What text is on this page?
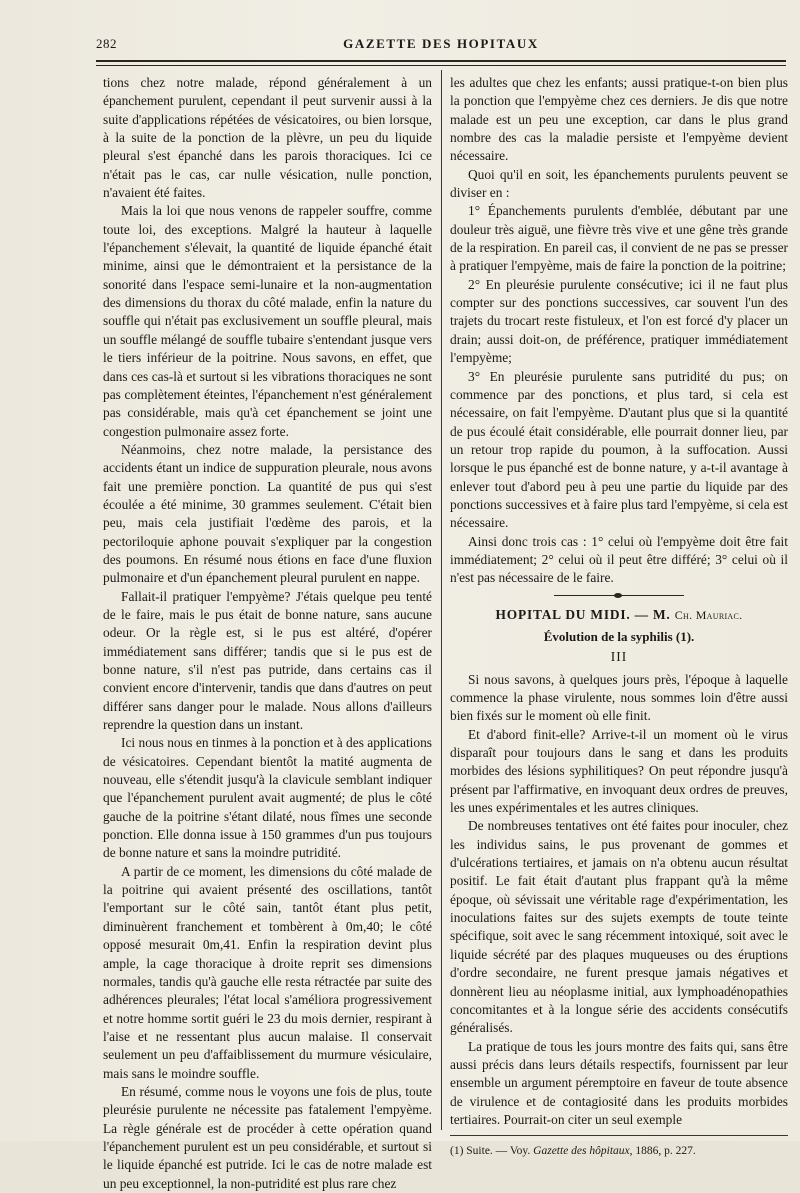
282	GAZETTE DES HOPITAUX

tions chez notre malade, répond généralement à un épanchement purulent, cependant il peut survenir aussi à la suite d'applications répétées de vésicatoires, ou bien lorsque, à la suite de la ponction de la plèvre, un peu du liquide pleural s'est épanché dans les parois thoraciques. Ici ce n'était pas le cas, car nulle vésication, nulle ponction, n'avaient été faites.

Mais la loi que nous venons de rappeler souffre, comme toute loi, des exceptions. Malgré la hauteur à laquelle l'épanchement s'élevait, la quantité de liquide épanché était minime, ainsi que le démontraient et la persistance de la sonorité dans l'espace semi-lunaire et la non-augmentation des dimensions du thorax du côté malade, enfin la nature du souffle qui n'était pas exclusivement un souffle pleural, mais un souffle mélangé de souffle tubaire s'entendant jusque vers le tiers inférieur de la poitrine. Nous savons, en effet, que dans ces cas-là et surtout si les vibrations thoraciques ne sont pas complètement éteintes, l'épanchement n'est généralement pas considérable, mais qu'à cet épanchement se joint une congestion pulmonaire assez forte.

Néanmoins, chez notre malade, la persistance des accidents étant un indice de suppuration pleurale, nous avons fait une première ponction. La quantité de pus qui s'est écoulée a été minime, 30 grammes seulement. C'était bien peu, mais cela justifiait l'œdème des parois, et la pectoriloquie aphone pouvait s'expliquer par la congestion des poumons. En résumé nous étions en face d'une fluxion pulmonaire et d'un épanchement pleural purulent en nappe.

Fallait-il pratiquer l'empyème? J'étais quelque peu tenté de le faire, mais le pus était de bonne nature, sans aucune odeur. Or la règle est, si le pus est altéré, d'opérer immédiatement sans différer; tandis que si le pus est de bonne nature, s'il n'est pas putride, dans certains cas il convient encore d'intervenir, tandis que dans d'autres on peut différer sans danger pour le malade. Nous allons d'ailleurs reprendre la question dans un instant.

Ici nous nous en tinmes à la ponction et à des applications de vésicatoires. Cependant bientôt la matité augmenta de nouveau, elle s'étendit jusqu'à la clavicule semblant indiquer que l'épanchement purulent avait augmenté; de plus le côté gauche de la poitrine s'étant dilaté, nous fîmes une seconde ponction. Elle donna issue à 150 grammes d'un pus toujours de bonne nature et sans la moindre putridité.

A partir de ce moment, les dimensions du côté malade de la poitrine qui avaient présenté des oscillations, tantôt l'emportant sur le côté sain, tantôt étant plus petit, diminuèrent franchement et tombèrent à 0m,40; le côté opposé mesurait 0m,41. Enfin la respiration devint plus ample, la cage thoracique à droite reprit ses dimensions normales, tandis qu'à gauche elle resta rétractée par suite des adhérences pleurales; l'état local s'améliora progressivement et notre homme sortit guéri le 23 du mois dernier, respirant à l'aise et ne ressentant plus aucun malaise. Il conservait seulement un peu d'affaiblissement du murmure vésiculaire, mais sans le moindre souffle.

En résumé, comme nous le voyons une fois de plus, toute pleurésie purulente ne nécessite pas fatalement l'empyème. La règle générale est de procéder à cette opération quand l'épanchement purulent est un peu considérable, et surtout si le liquide épanché est putride. Ici le cas de notre malade est un peu exceptionnel, la non-putridité est plus rare chez

les adultes que chez les enfants; aussi pratique-t-on bien plus la ponction que l'empyème chez ces derniers. Je dis que notre malade est un peu une exception, car dans le plus grand nombre des cas la maladie persiste et l'empyème devient nécessaire.

Quoi qu'il en soit, les épanchements purulents peuvent se diviser en :

1° Épanchements purulents d'emblée, débutant par une douleur très aiguë, une fièvre très vive et une gêne très grande de la respiration. En pareil cas, il convient de ne pas se presser à pratiquer l'empyème, mais de faire la ponction de la poitrine;

2° En pleurésie purulente consécutive; ici il ne faut plus compter sur des ponctions successives, car souvent l'un des trajets du trocart reste fistuleux, et l'on est forcé d'y placer un drain; aussi doit-on, de préférence, pratiquer immédiatement l'empyème;

3° En pleurésie purulente sans putridité du pus; on commence par des ponctions, et plus tard, si cela est nécessaire, on fait l'empyème. D'autant plus que si la quantité de pus écoulé était considérable, elle pourrait donner lieu, par un retour trop rapide du poumon, à la suffocation. Aussi lorsque le pus épanché est de bonne nature, y a-t-il avantage à enlever tout d'abord peu à peu une partie du liquide par des ponctions successives et à faire plus tard l'empyème, si cela est nécessaire.

Ainsi donc trois cas : 1° celui où l'empyème doit être fait immédiatement; 2° celui où il peut être différé; 3° celui où il n'est pas nécessaire de le faire.

HOPITAL DU MIDI. — M. Ch. Mauriac.
Évolution de la syphilis (1).
III

Si nous savons, à quelques jours près, l'époque à laquelle commence la phase virulente, nous sommes loin d'être aussi bien fixés sur le moment où elle finit.

Et d'abord finit-elle? Arrive-t-il un moment où le virus disparaît pour toujours dans le sang et dans les produits morbides des lésions syphilitiques? On peut répondre jusqu'à présent par l'affirmative, en invoquant deux ordres de preuves, les unes expérimentales et les autres cliniques.

De nombreuses tentatives ont été faites pour inoculer, chez les individus sains, le pus provenant de gommes et d'ulcérations tertiaires, et jamais on n'a obtenu aucun résultat positif. Le fait était d'autant plus frappant qu'à la même époque, où sévissait une véritable rage d'expérimentation, les inoculations faites sur des sujets exempts de toute teinte spécifique, soit avec le sang récemment intoxiqué, soit avec le liquide sécrété par des plaques muqueuses ou des éruptions d'ordre secondaire, ne furent presque jamais négatives et donnèrent lieu au néoplasme initial, aux lymphoadénopathies concomitantes et à la longue série des accidents consécutifs généralisés.

La pratique de tous les jours montre des faits qui, sans être aussi précis dans leurs détails respectifs, fournissent par leur ensemble un argument péremptoire en faveur de toute absence de virulence et de contagiosité dans les produits morbides tertiaires. Pourrait-on citer un seul exemple

(1) Suite. — Voy. Gazette des hôpitaux, 1886, p. 227.
